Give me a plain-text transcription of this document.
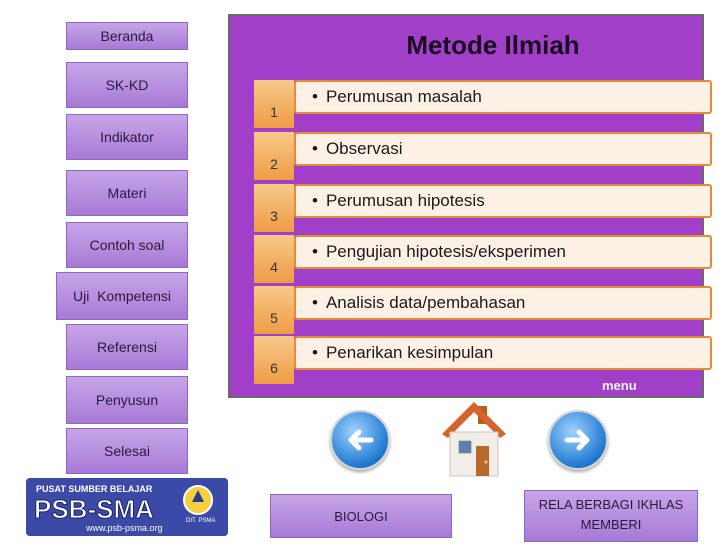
Beranda
SK-KD
Indikator
Materi
Contoh soal
Uji  Kompetensi
Referensi
Penyusun
Selesai
Metode Ilmiah
1
• Perumusan masalah
2
• Observasi
3
• Perumusan hipotesis
4
• Pengujian hipotesis/eksperimen
5
• Analisis data/pembahasan
6
• Penarikan kesimpulan
menu
PUSAT SUMBER BELAJAR
PSB-SMA	DIT. PSMA
www.psb-psma.org
BIOLOGI
RELA BERBAGI IKHLAS MEMBERI
